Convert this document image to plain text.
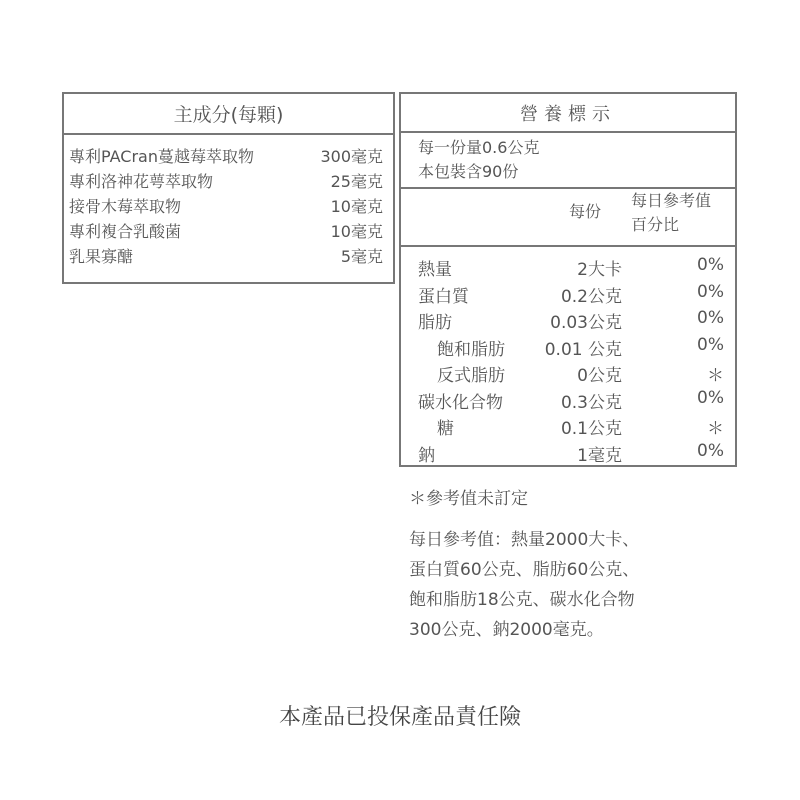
主成分(每顆)
專利PACran蔓越莓萃取物	300毫克
專利洛神花萼萃取物	25毫克
接骨木莓萃取物	10毫克
專利複合乳酸菌	10毫克
乳果寡醣	5毫克
營養標示
每一份量0.6公克
本包裝含90份
每份
每日參考值
百分比
熱量	2大卡	0%
蛋白質	0.2公克	0%
脂肪	0.03公克	0%
飽和脂肪 0.01 公克	0%
反式脂肪	0公克	＊
碳水化合物	0.3公克	0%
糖	0.1公克	＊
鈉	1毫克	0%
＊參考值未訂定
每日參考值：熱量2000大卡、
蛋白質60公克、脂肪60公克、
飽和脂肪18公克、碳水化合物
300公克、鈉2000毫克。
本產品已投保產品責任險
